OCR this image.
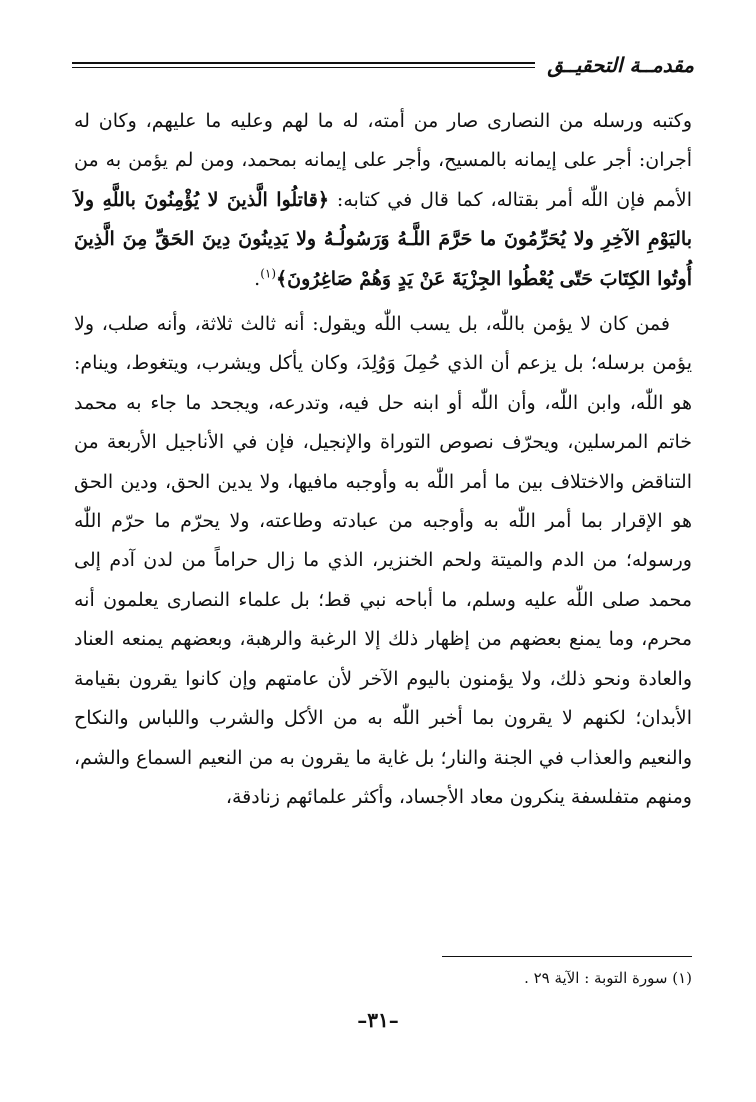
مقدمــة التحقيــق

وكتبه ورسله من النصارى صار من أمته، له ما لهم وعليه ما عليهم، وكان له أجران: أجر على إيمانه بالمسيح، وأجر على إيمانه بمحمد، ومن لم يؤمن به من الأمم فإن اللّٰه أمر بقتاله، كما قال في كتابه: ﴿قاتلُوا الَّذينَ لا يُؤْمِنُونَ باللَّهِ ولاَ باليَوْمِ الآخِرِ ولا يُحَرِّمُونَ ما حَرَّمَ اللَّـهُ وَرَسُولُـهُ ولا يَدِينُونَ دِينَ الحَقِّ مِنَ الَّذِينَ أُوتُوا الكِتَابَ حَتّى يُعْطُوا الجِزْيَةَ عَنْ يَدٍ وَهُمْ صَاغِرُونَ﴾$^{(١)}$.

فمن كان لا يؤمن باللّٰه، بل يسب اللّٰه ويقول: أنه ثالث ثلاثة، وأنه صلب، ولا يؤمن برسله؛ بل يزعم أن الذي حُمِلَ وَوُلِدَ، وكان يأكل ويشرب، ويتغوط، وينام: هو اللّٰه، وابن اللّٰه، وأن اللّٰه أو ابنه حل فيه، وتدرعه، ويجحد ما جاء به محمد خاتم المرسلين، ويحرّف نصوص التوراة والإنجيل، فإن في الأناجيل الأربعة من التناقض والاختلاف بين ما أمر اللّٰه به وأوجبه مافيها، ولا يدين الحق، ودين الحق هو الإقرار بما أمر اللّٰه به وأوجبه من عبادته وطاعته، ولا يحرّم ما حرّم اللّٰه ورسوله؛ من الدم والميتة ولحم الخنزير، الذي ما زال حراماً من لدن آدم إلى محمد صلى اللّٰه عليه وسلم، ما أباحه نبي قط؛ بل علماء النصارى يعلمون أنه محرم، وما يمنع بعضهم من إظهار ذلك إلا الرغبة والرهبة، وبعضهم يمنعه العناد والعادة ونحو ذلك، ولا يؤمنون باليوم الآخر لأن عامتهم وإن كانوا يقرون بقيامة الأبدان؛ لكنهم لا يقرون بما أخبر اللّٰه به من الأكل والشرب واللباس والنكاح والنعيم والعذاب في الجنة والنار؛ بل غاية ما يقرون به من النعيم السماع والشم، ومنهم متفلسفة ينكرون معاد الأجساد، وأكثر علمائهم زنادقة،

(١) سورة التوبة : الآية ٢٩ .
–٣١–
